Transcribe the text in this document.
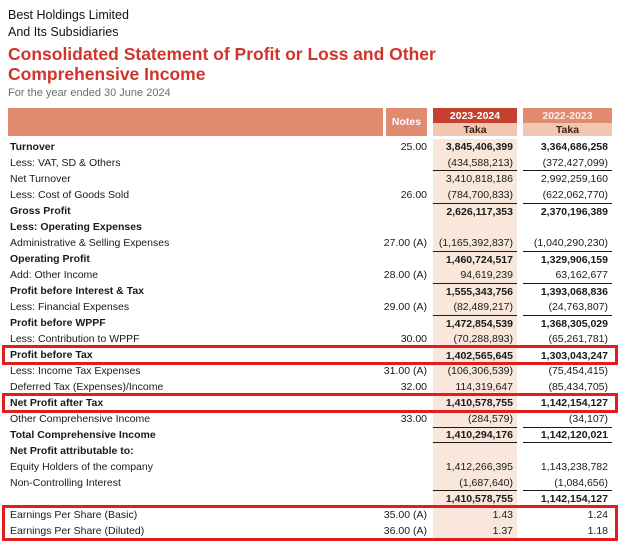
Best Holdings Limited
And Its Subsidiaries
Consolidated Statement of Profit or Loss and Other Comprehensive Income
For the year ended 30 June 2024
Notes
2023-2024	2022-2023
Taka	Taka
Turnover	25.00	3,845,406,399	3,364,686,258
Less: VAT, SD & Others	(434,588,213)	(372,427,099)
Net Turnover	3,410,818,186	2,992,259,160
Less: Cost of Goods Sold	26.00	(784,700,833)	(622,062,770)
Gross Profit	2,626,117,353	2,370,196,389
Less: Operating Expenses
Administrative & Selling Expenses	27.00 (A)	(1,165,392,837)	(1,040,290,230)
Operating Profit	1,460,724,517	1,329,906,159
Add: Other Income	28.00 (A)	94,619,239	63,162,677
Profit before Interest & Tax	1,555,343,756	1,393,068,836
Less: Financial Expenses	29.00 (A)	(82,489,217)	(24,763,807)
Profit before WPPF	1,472,854,539	1,368,305,029
Less: Contribution to WPPF	30.00	(70,288,893)	(65,261,781)
Profit before Tax	1,402,565,645	1,303,043,247
Less: Income Tax Expenses	31.00 (A)	(106,306,539)	(75,454,415)
Deferred Tax (Expenses)/Income	32.00	114,319,647	(85,434,705)
Net Profit after Tax	1,410,578,755	1,142,154,127
Other Comprehensive Income	33.00	(284,579)	(34,107)
Total Comprehensive Income	1,410,294,176	1,142,120,021
Net Profit attributable to:
Equity Holders of the company	1,412,266,395	1,143,238,782
Non-Controlling Interest	(1,687,640)	(1,084,656)
1,410,578,755	1,142,154,127
Earnings Per Share (Basic)	35.00 (A)	1.43	1.24
Earnings Per Share (Diluted)	36.00 (A)	1.37	1.18
